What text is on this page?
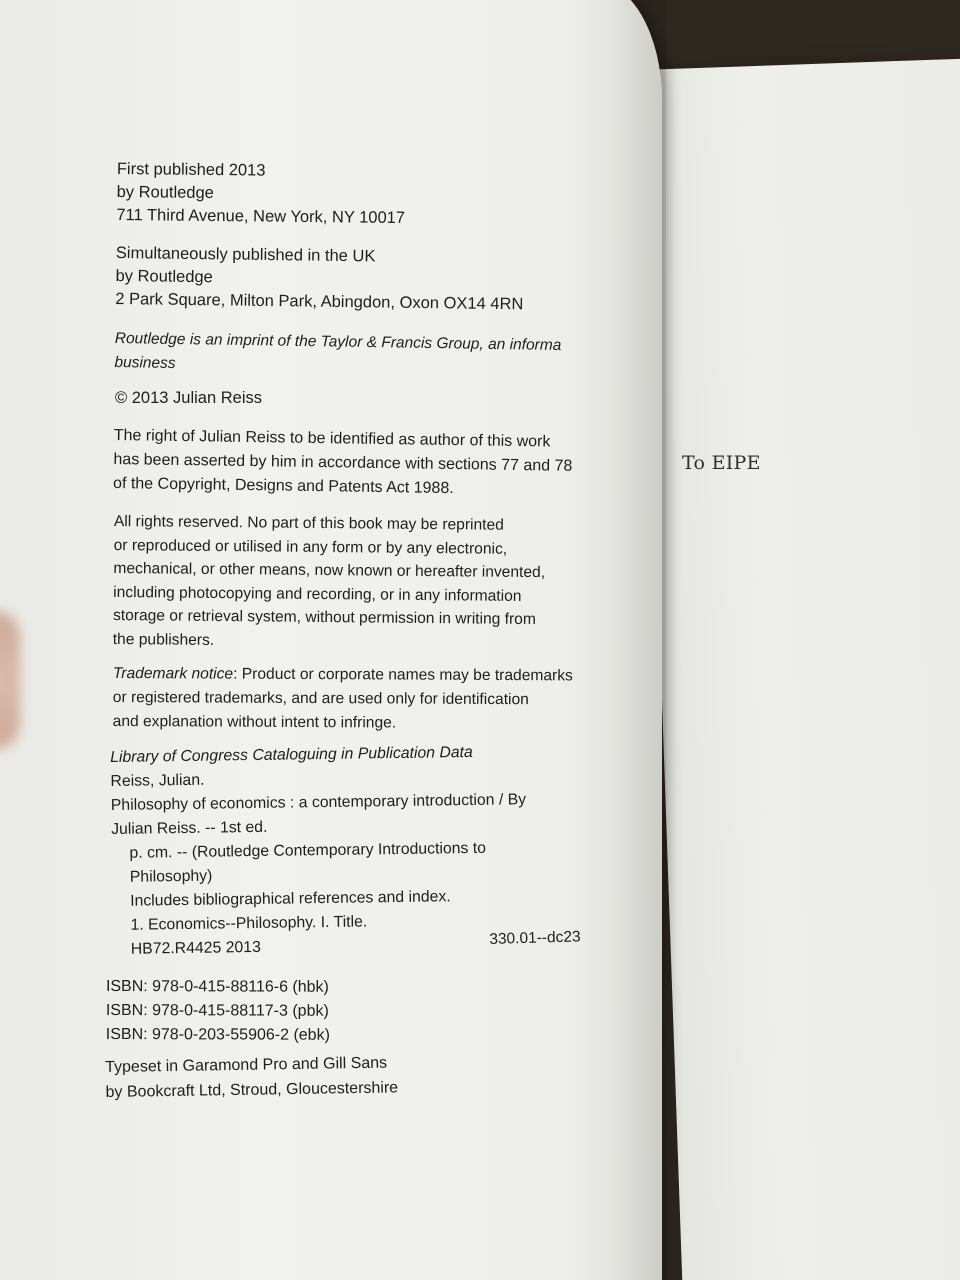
To EIPE
First published 2013
by Routledge
711 Third Avenue, New York, NY 10017
Simultaneously published in the UK
by Routledge
2 Park Square, Milton Park, Abingdon, Oxon OX14 4RN
Routledge is an imprint of the Taylor & Francis Group, an informa
business
© 2013 Julian Reiss
The right of Julian Reiss to be identified as author of this work
has been asserted by him in accordance with sections 77 and 78
of the Copyright, Designs and Patents Act 1988.
All rights reserved. No part of this book may be reprinted
or reproduced or utilised in any form or by any electronic,
mechanical, or other means, now known or hereafter invented,
including photocopying and recording, or in any information
storage or retrieval system, without permission in writing from
the publishers.
Trademark notice: Product or corporate names may be trademarks
or registered trademarks, and are used only for identification
and explanation without intent to infringe.
Library of Congress Cataloguing in Publication Data
Reiss, Julian.
Philosophy of economics : a contemporary introduction / By
Julian Reiss. -- 1st ed.
p. cm. -- (Routledge Contemporary Introductions to
Philosophy)
Includes bibliographical references and index.
1. Economics--Philosophy. I. Title.
HB72.R4425 2013
330.01--dc23
ISBN: 978-0-415-88116-6 (hbk)
ISBN: 978-0-415-88117-3 (pbk)
ISBN: 978-0-203-55906-2 (ebk)
Typeset in Garamond Pro and Gill Sans
by Bookcraft Ltd, Stroud, Gloucestershire
